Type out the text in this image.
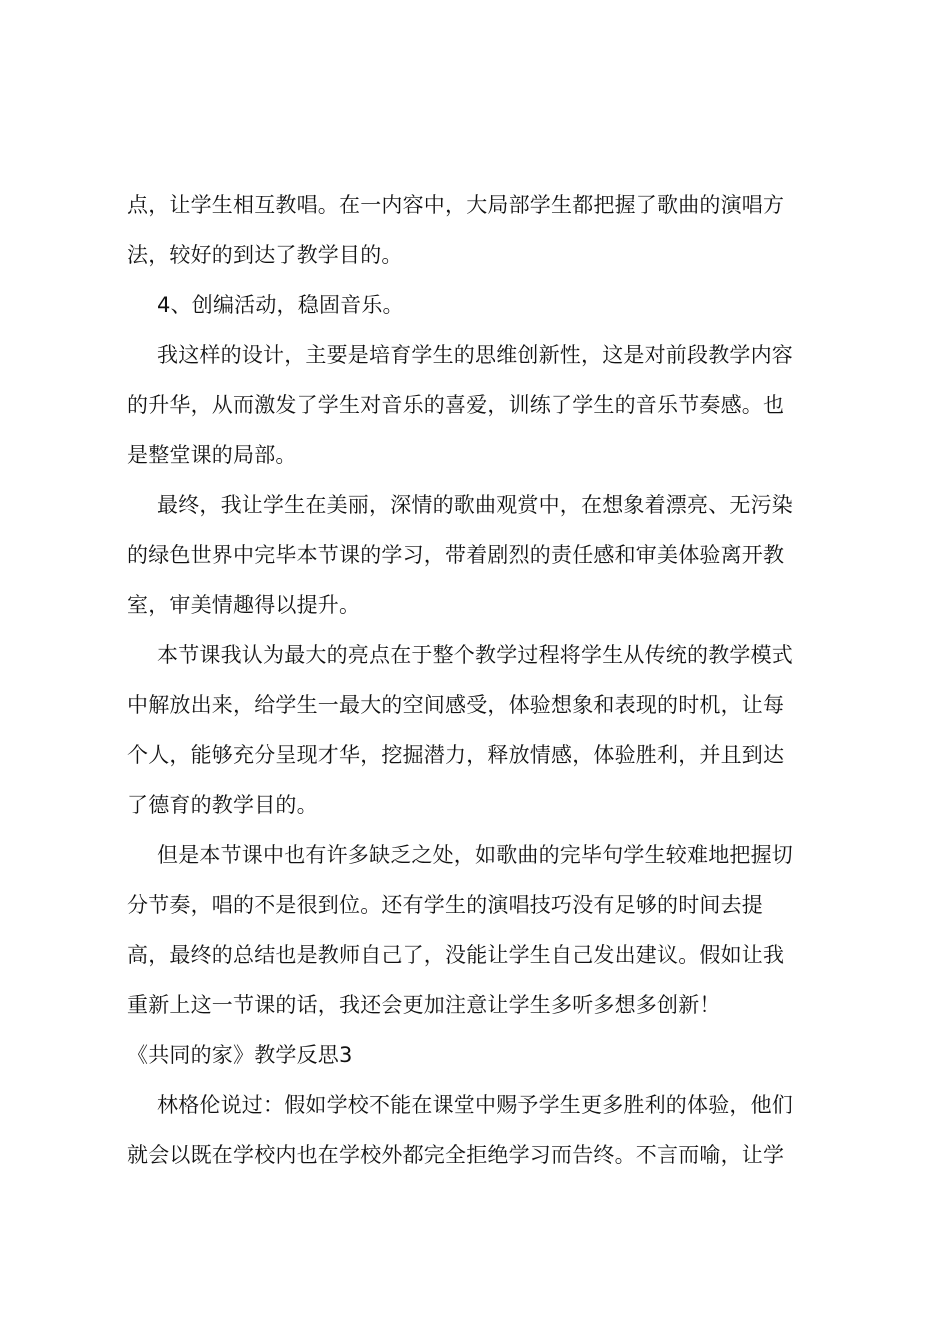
点，让学生相互教唱。在一内容中，大局部学生都把握了歌曲的演唱方
法，较好的到达了教学目的。
4、创编活动，稳固音乐。
我这样的设计，主要是培育学生的思维创新性，这是对前段教学内容
的升华，从而激发了学生对音乐的喜爱，训练了学生的音乐节奏感。也
是整堂课的局部。
最终，我让学生在美丽，深情的歌曲观赏中，在想象着漂亮、无污染
的绿色世界中完毕本节课的学习，带着剧烈的责任感和审美体验离开教
室，审美情趣得以提升。
本节课我认为最大的亮点在于整个教学过程将学生从传统的教学模式
中解放出来，给学生一最大的空间感受，体验想象和表现的时机，让每
个人，能够充分呈现才华，挖掘潜力，释放情感，体验胜利，并且到达
了德育的教学目的。
但是本节课中也有许多缺乏之处，如歌曲的完毕句学生较难地把握切
分节奏，唱的不是很到位。还有学生的演唱技巧没有足够的时间去提
高，最终的总结也是教师自己了，没能让学生自己发出建议。假如让我
重新上这一节课的话，我还会更加注意让学生多听多想多创新！
《共同的家》教学反思3
林格伦说过：假如学校不能在课堂中赐予学生更多胜利的体验，他们
就会以既在学校内也在学校外都完全拒绝学习而告终。不言而喻，让学
